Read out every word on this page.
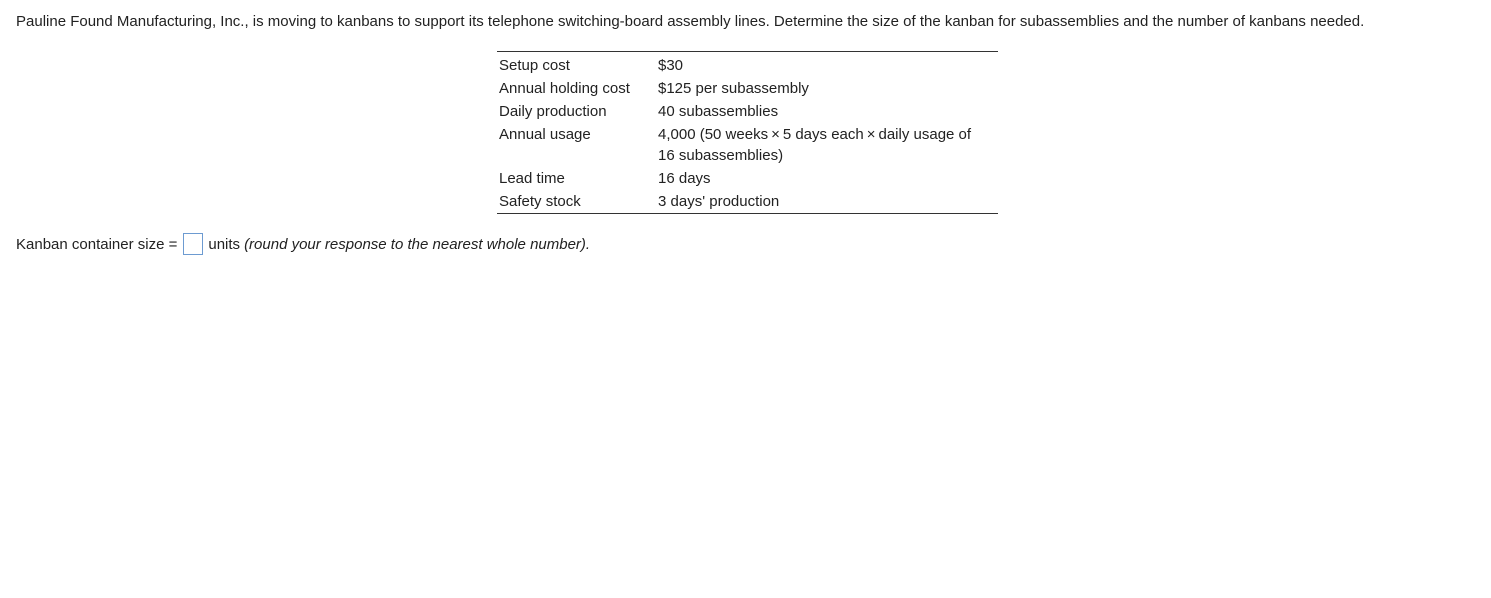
Pauline Found Manufacturing, Inc., is moving to kanbans to support its telephone switching-board assembly lines. Determine the size of the kanban for subassemblies and the number of kanbans needed.
Setup cost	$30
Annual holding cost	$125 per subassembly
Daily production	40 subassemblies
Annual usage	4,000 (50 weeks × 5 days each × daily usage of
16 subassemblies)

Lead time	16 days
Safety stock	3 days' production
Kanban container size = units (round your response to the nearest whole number).
